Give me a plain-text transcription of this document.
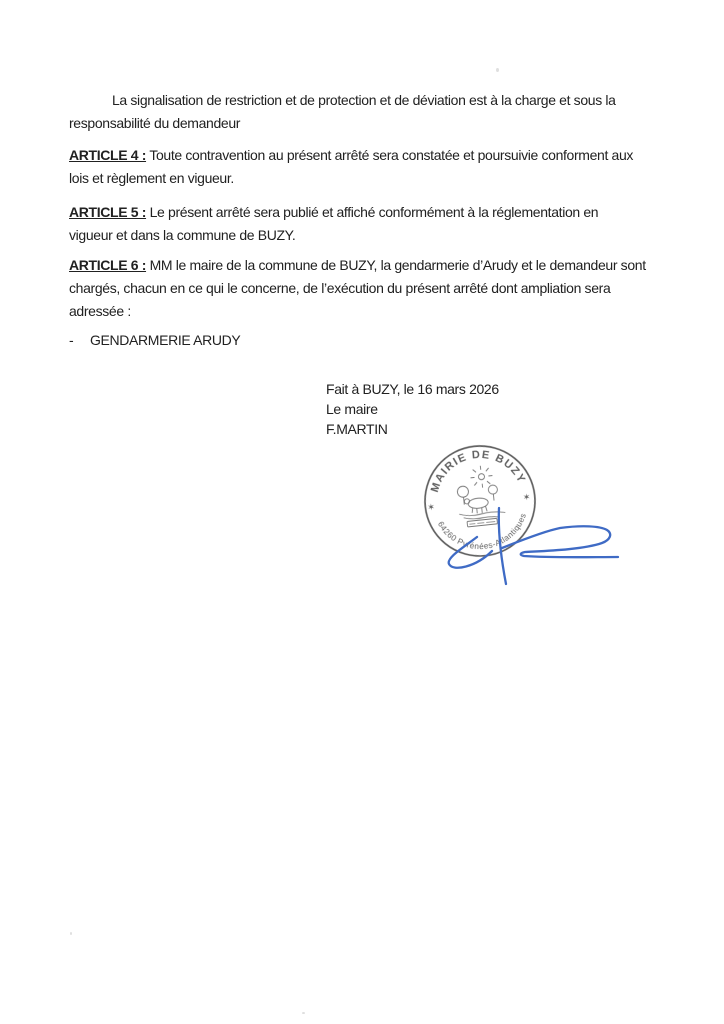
La signalisation de restriction et de protection et de déviation est à la charge et sous la
responsabilité du demandeur
ARTICLE 4 : Toute contravention au présent arrêté sera constatée et poursuivie conforment aux
lois et règlement en vigueur.
ARTICLE 5 : Le présent arrêté sera publié et affiché conformément à la réglementation en
vigueur et dans la commune de BUZY.
ARTICLE 6 : MM le maire de la commune de BUZY, la gendarmerie d’Arudy et le demandeur sont
chargés, chacun en ce qui le concerne, de l’exécution du présent arrêté dont ampliation sera
adressée :
-	GENDARMERIE ARUDY
Fait à BUZY, le 16 mars 2026
Le maire
F.MARTIN
MAIRIE DE BUZY
64260 Pyrénées-Atlantiques
✶
✶
